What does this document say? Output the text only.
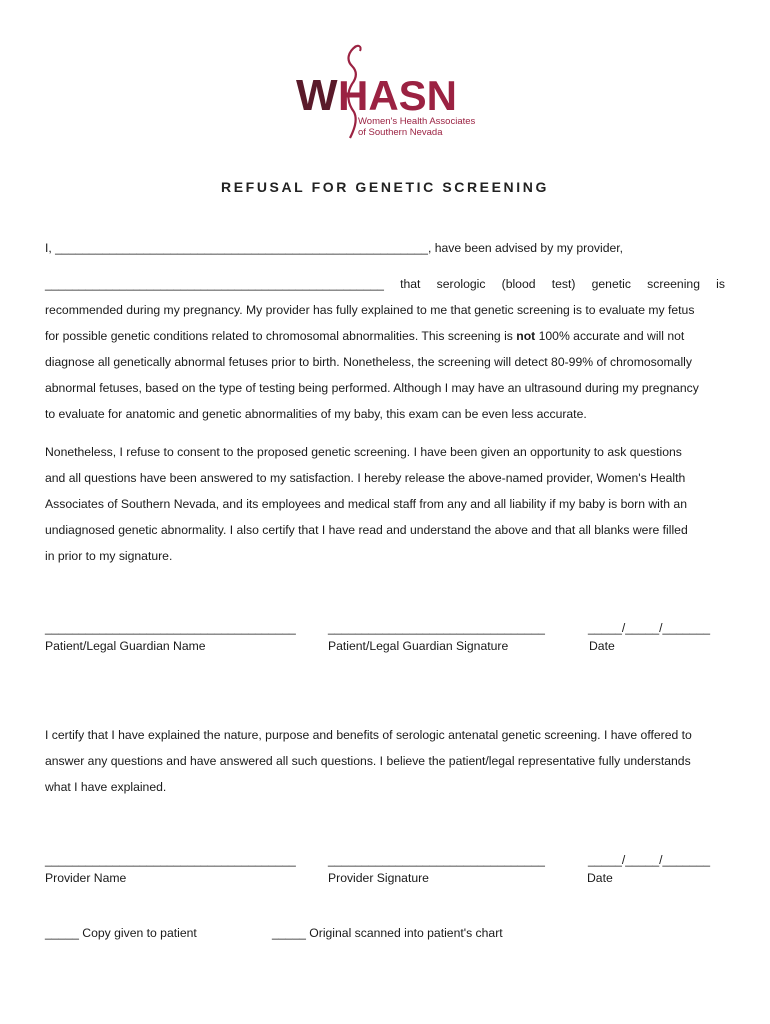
W HASN
Women's Health Associates
of Southern Nevada
REFUSAL FOR GENETIC SCREENING
I, _______________________________________________________, have been advised by my provider,
__________________________________________________ that serologic (blood test) genetic screening is
recommended during my pregnancy. My provider has fully explained to me that genetic screening is to evaluate my fetus
for possible genetic conditions related to chromosomal abnormalities. This screening is not 100% accurate and will not
diagnose all genetically abnormal fetuses prior to birth. Nonetheless, the screening will detect 80-99% of chromosomally
abnormal fetuses, based on the type of testing being performed. Although I may have an ultrasound during my pregnancy
to evaluate for anatomic and genetic abnormalities of my baby, this exam can be even less accurate.
Nonetheless, I refuse to consent to the proposed genetic screening. I have been given an opportunity to ask questions
and all questions have been answered to my satisfaction. I hereby release the above-named provider, Women's Health
Associates of Southern Nevada, and its employees and medical staff from any and all liability if my baby is born with an
undiagnosed genetic abnormality. I also certify that I have read and understand the above and that all blanks were filled
in prior to my signature.
_____________________________________
Patient/Legal Guardian Name
________________________________
Patient/Legal Guardian Signature
_____/_____/_______
Date
I certify that I have explained the nature, purpose and benefits of serologic antenatal genetic screening. I have offered to
answer any questions and have answered all such questions. I believe the patient/legal representative fully understands
what I have explained.
_____________________________________
Provider Name
________________________________
Provider Signature
_____/_____/_______
Date
_____ Copy given to patient	_____ Original scanned into patient's chart
